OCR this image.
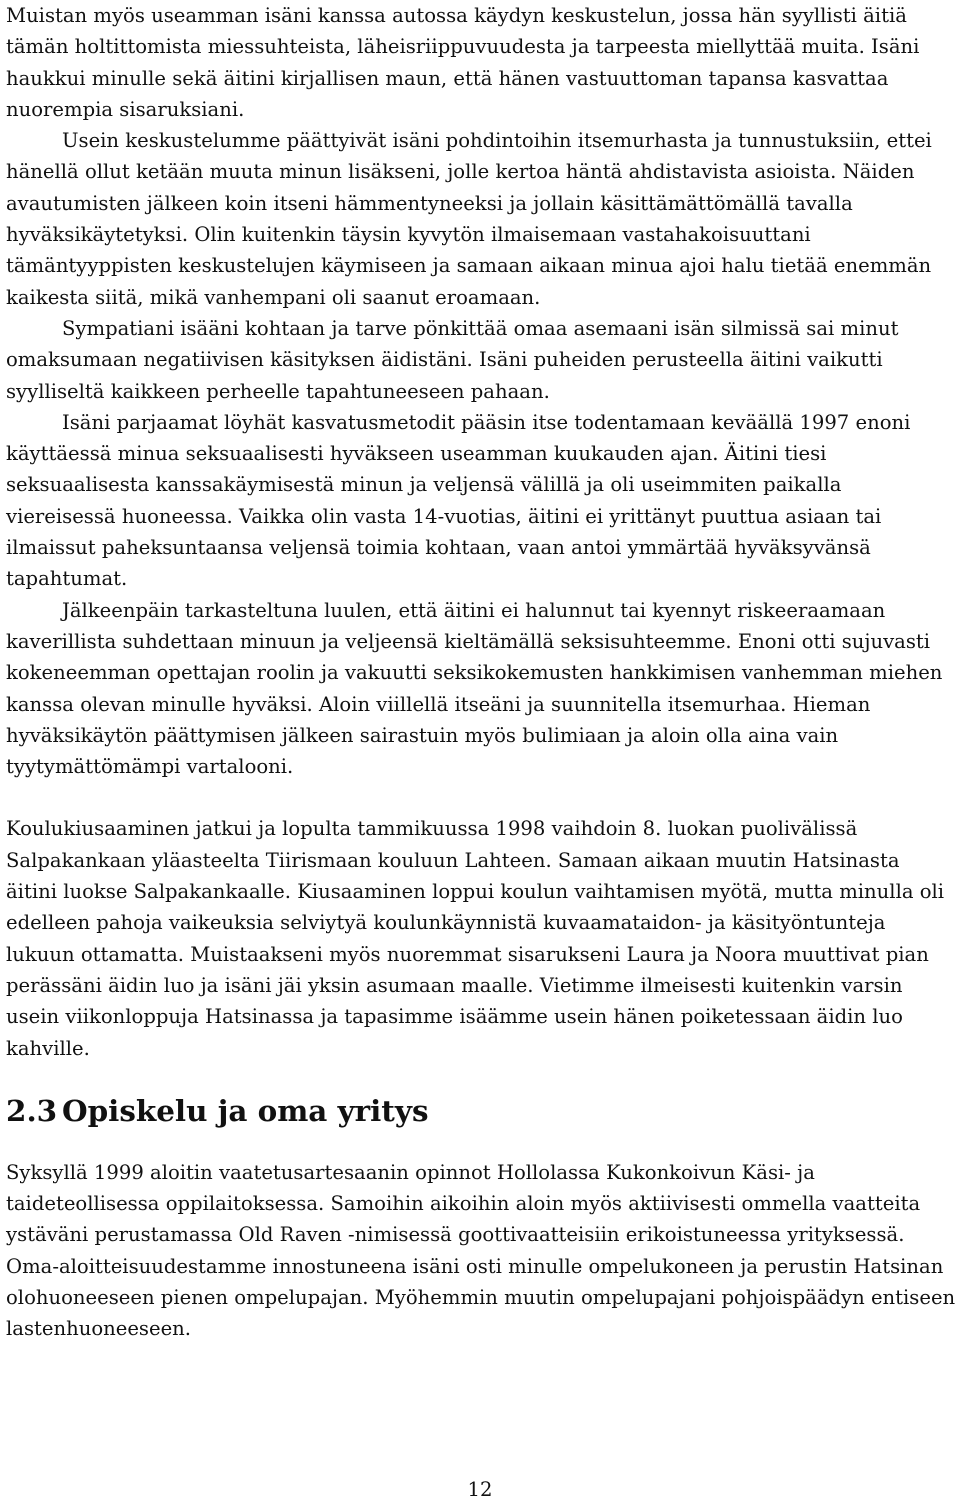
Muistan myös useamman isäni kanssa autossa käydyn keskustelun, jossa hän syyllisti äitiä tämän holtittomista miessuhteista, läheisriippuvuudesta ja tarpeesta miellyttää muita. Isäni haukkui minulle sekä äitini kirjallisen maun, että hänen vastuuttoman tapansa kasvattaa nuorempia sisaruksiani.

Usein keskustelumme päättyivät isäni pohdintoihin itsemurhasta ja tunnustuksiin, ettei hänellä ollut ketään muuta minun lisäkseni, jolle kertoa häntä ahdistavista asioista. Näiden avautumisten jälkeen koin itseni hämmentyneeksi ja jollain käsittämättömällä tavalla hyväksikäytetyksi. Olin kuitenkin täysin kyvytön ilmaisemaan vastahakoisuuttani tämäntyyppisten keskustelujen käymiseen ja samaan aikaan minua ajoi halu tietää enemmän kaikesta siitä, mikä vanhempani oli saanut eroamaan.

Sympatiani isääni kohtaan ja tarve pönkittää omaa asemaani isän silmissä sai minut omaksumaan negatiivisen käsityksen äidistäni. Isäni puheiden perusteella äitini vaikutti syylliseltä kaikkeen perheelle tapahtuneeseen pahaan.

Isäni parjaamat löyhät kasvatusmetodit pääsin itse todentamaan keväällä 1997 enoni käyttäessä minua seksuaalisesti hyväkseen useamman kuukauden ajan. Äitini tiesi seksuaalisesta kanssakäymisestä minun ja veljensä välillä ja oli useimmiten paikalla viereisessä huoneessa. Vaikka olin vasta 14-vuotias, äitini ei yrittänyt puuttua asiaan tai ilmaissut paheksuntaansa veljensä toimia kohtaan, vaan antoi ymmärtää hyväksyvänsä tapahtumat.

Jälkeenpäin tarkasteltuna luulen, että äitini ei halunnut tai kyennyt riskeeraamaan kaverillista suhdettaan minuun ja veljeensä kieltämällä seksisuhteemme. Enoni otti sujuvasti kokeneemman opettajan roolin ja vakuutti seksikokemusten hankkimisen vanhemman miehen kanssa olevan minulle hyväksi. Aloin viillellä itseäni ja suunnitella itsemurhaa. Hieman hyväksikäytön päättymisen jälkeen sairastuin myös bulimiaan ja aloin olla aina vain tyytymättömämpi vartalooni.

Koulukiusaaminen jatkui ja lopulta tammikuussa 1998 vaihdoin 8. luokan puolivälissä Salpakankaan yläasteelta Tiirismaan kouluun Lahteen. Samaan aikaan muutin Hatsinasta äitini luokse Salpakankaalle. Kiusaaminen loppui koulun vaihtamisen myötä, mutta minulla oli edelleen pahoja vaikeuksia selviytyä koulunkäynnistä kuvaamataidon- ja käsityöntunteja lukuun ottamatta. Muistaakseni myös nuoremmat sisarukseni Laura ja Noora muuttivat pian perässäni äidin luo ja isäni jäi yksin asumaan maalle. Vietimme ilmeisesti kuitenkin varsin usein viikonloppuja Hatsinassa ja tapasimme isäämme usein hänen poiketessaan äidin luo kahville.

2.3 Opiskelu ja oma yritys

Syksyllä 1999 aloitin vaatetusartesaanin opinnot Hollolassa Kukonkoivun Käsi- ja taideteollisessa oppilaitoksessa. Samoihin aikoihin aloin myös aktiivisesti ommella vaatteita ystäväni perustamassa Old Raven -nimisessä goottivaatteisiin erikoistuneessa yrityksessä. Oma-aloitteisuudestamme innostuneena isäni osti minulle ompelukoneen ja perustin Hatsinan olohuoneeseen pienen ompelupajan. Myöhemmin muutin ompelupajani pohjoispäädyn entiseen lastenhuoneeseen.

12
